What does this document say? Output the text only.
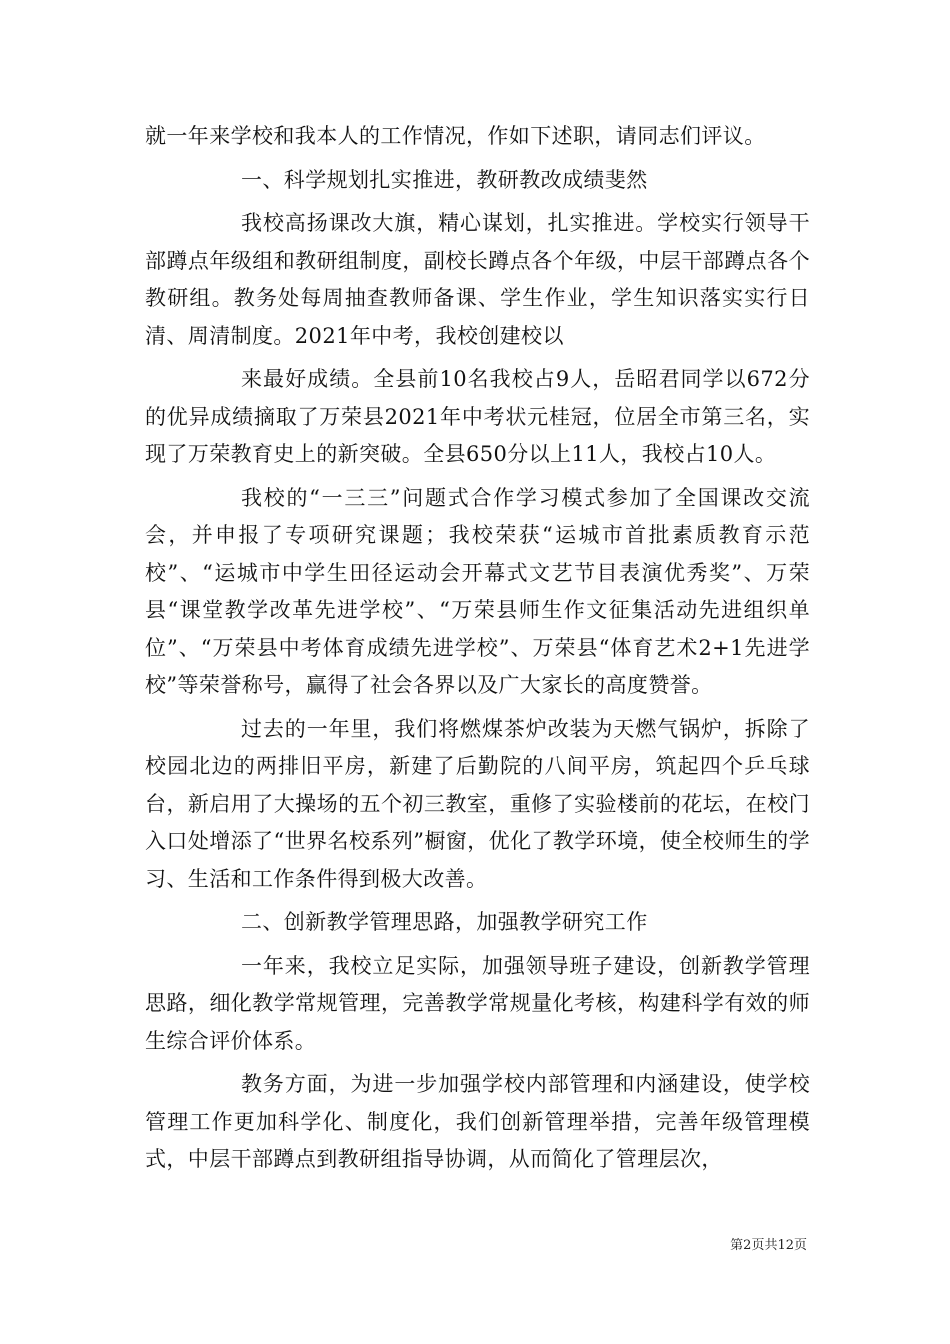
就一年来学校和我本人的工作情况，作如下述职，请同志们评议。

一、科学规划扎实推进，教研教改成绩斐然

我校高扬课改大旗，精心谋划，扎实推进。学校实行领导干部蹲点年级组和教研组制度，副校长蹲点各个年级，中层干部蹲点各个教研组。教务处每周抽查教师备课、学生作业，学生知识落实实行日清、周清制度。2021年中考，我校创建校以

来最好成绩。全县前10名我校占9人，岳昭君同学以672分的优异成绩摘取了万荣县2021年中考状元桂冠，位居全市第三名，实现了万荣教育史上的新突破。全县650分以上11人，我校占10人。

我校的“一三三”问题式合作学习模式参加了全国课改交流会，并申报了专项研究课题；我校荣获“运城市首批素质教育示范校”、“运城市中学生田径运动会开幕式文艺节目表演优秀奖”、万荣县“课堂教学改革先进学校”、“万荣县师生作文征集活动先进组织单位”、“万荣县中考体育成绩先进学校”、万荣县“体育艺术2+1先进学校”等荣誉称号，赢得了社会各界以及广大家长的高度赞誉。

过去的一年里，我们将燃煤茶炉改装为天燃气锅炉，拆除了校园北边的两排旧平房，新建了后勤院的八间平房，筑起四个乒乓球台，新启用了大操场的五个初三教室，重修了实验楼前的花坛，在校门入口处增添了“世界名校系列”橱窗，优化了教学环境，使全校师生的学习、生活和工作条件得到极大改善。

二、创新教学管理思路，加强教学研究工作

一年来，我校立足实际，加强领导班子建设，创新教学管理思路，细化教学常规管理，完善教学常规量化考核，构建科学有效的师生综合评价体系。

教务方面，为进一步加强学校内部管理和内涵建设，使学校管理工作更加科学化、制度化，我们创新管理举措，完善年级管理模式，中层干部蹲点到教研组指导协调，从而简化了管理层次，

第2页共12页
